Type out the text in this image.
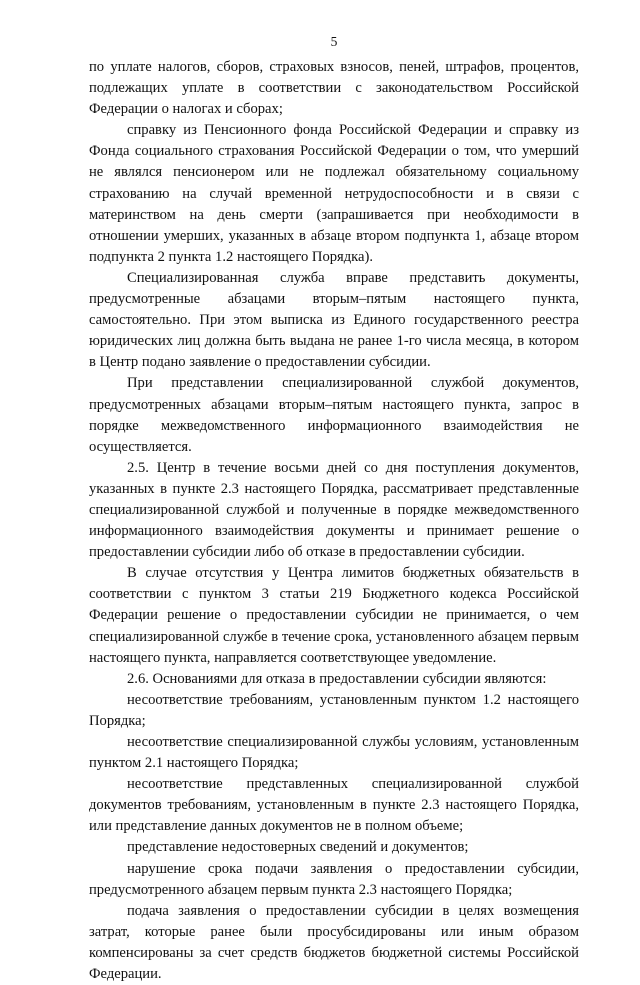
5

по уплате налогов, сборов, страховых взносов, пеней, штрафов, процентов, подлежащих уплате в соответствии с законодательством Российской Федерации о налогах и сборах;

справку из Пенсионного фонда Российской Федерации и справку из Фонда социального страхования Российской Федерации о том, что умерший не являлся пенсионером или не подлежал обязательному социальному страхованию на случай временной нетрудоспособности и в связи с материнством на день смерти (запрашивается при необходимости в отношении умерших, указанных в абзаце втором подпункта 1, абзаце втором подпункта 2 пункта 1.2 настоящего Порядка).

Специализированная служба вправе представить документы, предусмотренные абзацами вторым–пятым настоящего пункта, самостоятельно. При этом выписка из Единого государственного реестра юридических лиц должна быть выдана не ранее 1-го числа месяца, в котором в Центр подано заявление о предоставлении субсидии.

При представлении специализированной службой документов, предусмотренных абзацами вторым–пятым настоящего пункта, запрос в порядке межведомственного информационного взаимодействия не осуществляется.

2.5. Центр в течение восьми дней со дня поступления документов, указанных в пункте 2.3 настоящего Порядка, рассматривает представленные специализированной службой и полученные в порядке межведомственного информационного взаимодействия документы и принимает решение о предоставлении субсидии либо об отказе в предоставлении субсидии.

В случае отсутствия у Центра лимитов бюджетных обязательств в соответствии с пунктом 3 статьи 219 Бюджетного кодекса Российской Федерации решение о предоставлении субсидии не принимается, о чем специализированной службе в течение срока, установленного абзацем первым настоящего пункта, направляется соответствующее уведомление.

2.6. Основаниями для отказа в предоставлении субсидии являются:

несоответствие требованиям, установленным пунктом 1.2 настоящего Порядка;

несоответствие специализированной службы условиям, установленным пунктом 2.1 настоящего Порядка;

несоответствие представленных специализированной службой документов требованиям, установленным в пункте 2.3 настоящего Порядка, или представление данных документов не в полном объеме;

представление недостоверных сведений и документов;

нарушение срока подачи заявления о предоставлении субсидии, предусмотренного абзацем первым пункта 2.3 настоящего Порядка;

подача заявления о предоставлении субсидии в целях возмещения затрат, которые ранее были просубсидированы или иным образом компенсированы за счет средств бюджетов бюджетной системы Российской Федерации.
